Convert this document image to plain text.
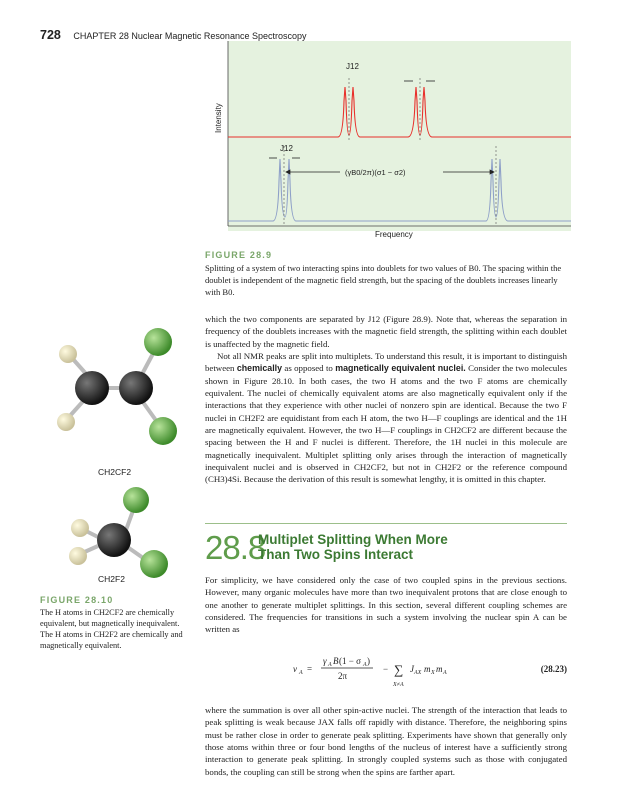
728 CHAPTER 28 Nuclear Magnetic Resonance Spectroscopy
J12
J12
(γB0/2π)(σ1 − σ2)
Intensity
Frequency
FIGURE 28.9
Splitting of a system of two interacting spins into doublets for two values of B0. The spacing within the doublet is independent of the magnetic field strength, but the spacing of the doublets increases linearly with B0.

which the two components are separated by J12 (Figure 28.9). Note that, whereas the separation in frequency of the doublets increases with the magnetic field strength, the splitting within each doublet is unaffected by the magnetic field.

Not all NMR peaks are split into multiplets. To understand this result, it is important to distinguish between chemically as opposed to magnetically equivalent nuclei. Consider the two molecules shown in Figure 28.10. In both cases, the two H atoms and the two F atoms are chemically equivalent. The nuclei of chemically equivalent atoms are also magnetically equivalent only if the interactions that they experience with other nuclei of nonzero spin are identical. Because the two F nuclei in CH2F2 are equidistant from each H atom, the two H—F couplings are identical and the 1H are magnetically equivalent. However, the two H—F couplings in CH2CF2 are different because the spacing between the H and F nuclei is different. Therefore, the 1H nuclei in this molecule are magnetically inequivalent. Multiplet splitting only arises through the interaction of magnetically inequivalent nuclei and is observed in CH2CF2, but not in CH2F2 or the reference compound (CH3)4Si. Because the derivation of this result is somewhat lengthy, it is omitted in this chapter.

CH2CF2
CH2F2
FIGURE 28.10
The H atoms in CH2CF2 are chemically equivalent, but magnetically inequivalent.
The H atoms in CH2F2 are chemically and magnetically equivalent.
28.8
Multiplet Splitting When More
Than Two Spins Interact

For simplicity, we have considered only the case of two coupled spins in the previous sections. However, many organic molecules have more than two inequivalent protons that are close enough to one another to generate multiplet splittings. In this section, several different coupling schemes are considered. The frequencies for transitions in such a system involving the nuclear spin A can be written as

ν A =
γ A B (1 − σ A )
2π
− ∑
X≠A
J AX m X m A	(28.23)

where the summation is over all other spin-active nuclei. The strength of the interaction that leads to peak splitting is weak because JAX falls off rapidly with distance. Therefore, the neighboring spins must be rather close in order to generate peak splitting. Experiments have shown that generally only those atoms within three or four bond lengths of the nucleus of interest have a sufficiently strong interaction to generate peak splitting. In strongly coupled systems such as those with conjugated bonds, the coupling can still be strong when the spins are farther apart.
